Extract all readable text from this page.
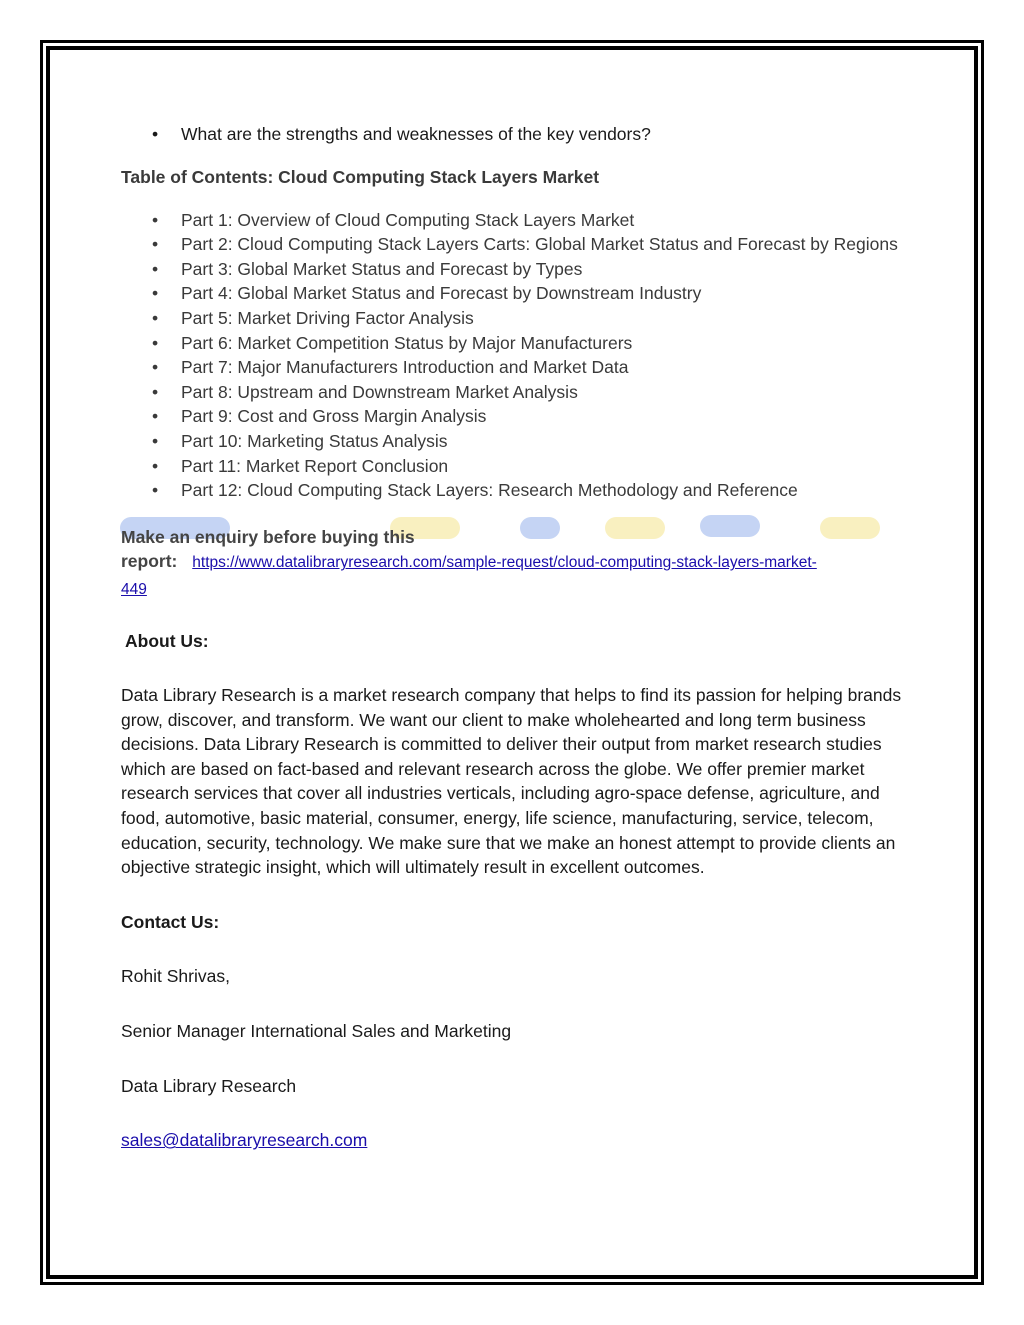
• What are the strengths and weaknesses of the key vendors?
Table of Contents: Cloud Computing Stack Layers Market
• Part 1: Overview of Cloud Computing Stack Layers Market
• Part 2: Cloud Computing Stack Layers Carts: Global Market Status and Forecast by Regions
• Part 3: Global Market Status and Forecast by Types
• Part 4: Global Market Status and Forecast by Downstream Industry
• Part 5: Market Driving Factor Analysis
• Part 6: Market Competition Status by Major Manufacturers
• Part 7: Major Manufacturers Introduction and Market Data
• Part 8: Upstream and Downstream Market Analysis
• Part 9: Cost and Gross Margin Analysis
• Part 10: Marketing Status Analysis
• Part 11: Market Report Conclusion
• Part 12: Cloud Computing Stack Layers: Research Methodology and Reference
Make an enquiry before buying this
report: https://www.datalibraryresearch.com/sample-request/cloud-computing-stack-layers-market-
449
About Us:
Data Library Research is a market research company that helps to find its passion for helping brands grow, discover, and transform. We want our client to make wholehearted and long term business decisions. Data Library Research is committed to deliver their output from market research studies which are based on fact-based and relevant research across the globe. We offer premier market research services that cover all industries verticals, including agro-space defense, agriculture, and food, automotive, basic material, consumer, energy, life science, manufacturing, service, telecom, education, security, technology. We make sure that we make an honest attempt to provide clients an objective strategic insight, which will ultimately result in excellent outcomes.
Contact Us:
Rohit Shrivas,
Senior Manager International Sales and Marketing
Data Library Research
sales@datalibraryresearch.com
